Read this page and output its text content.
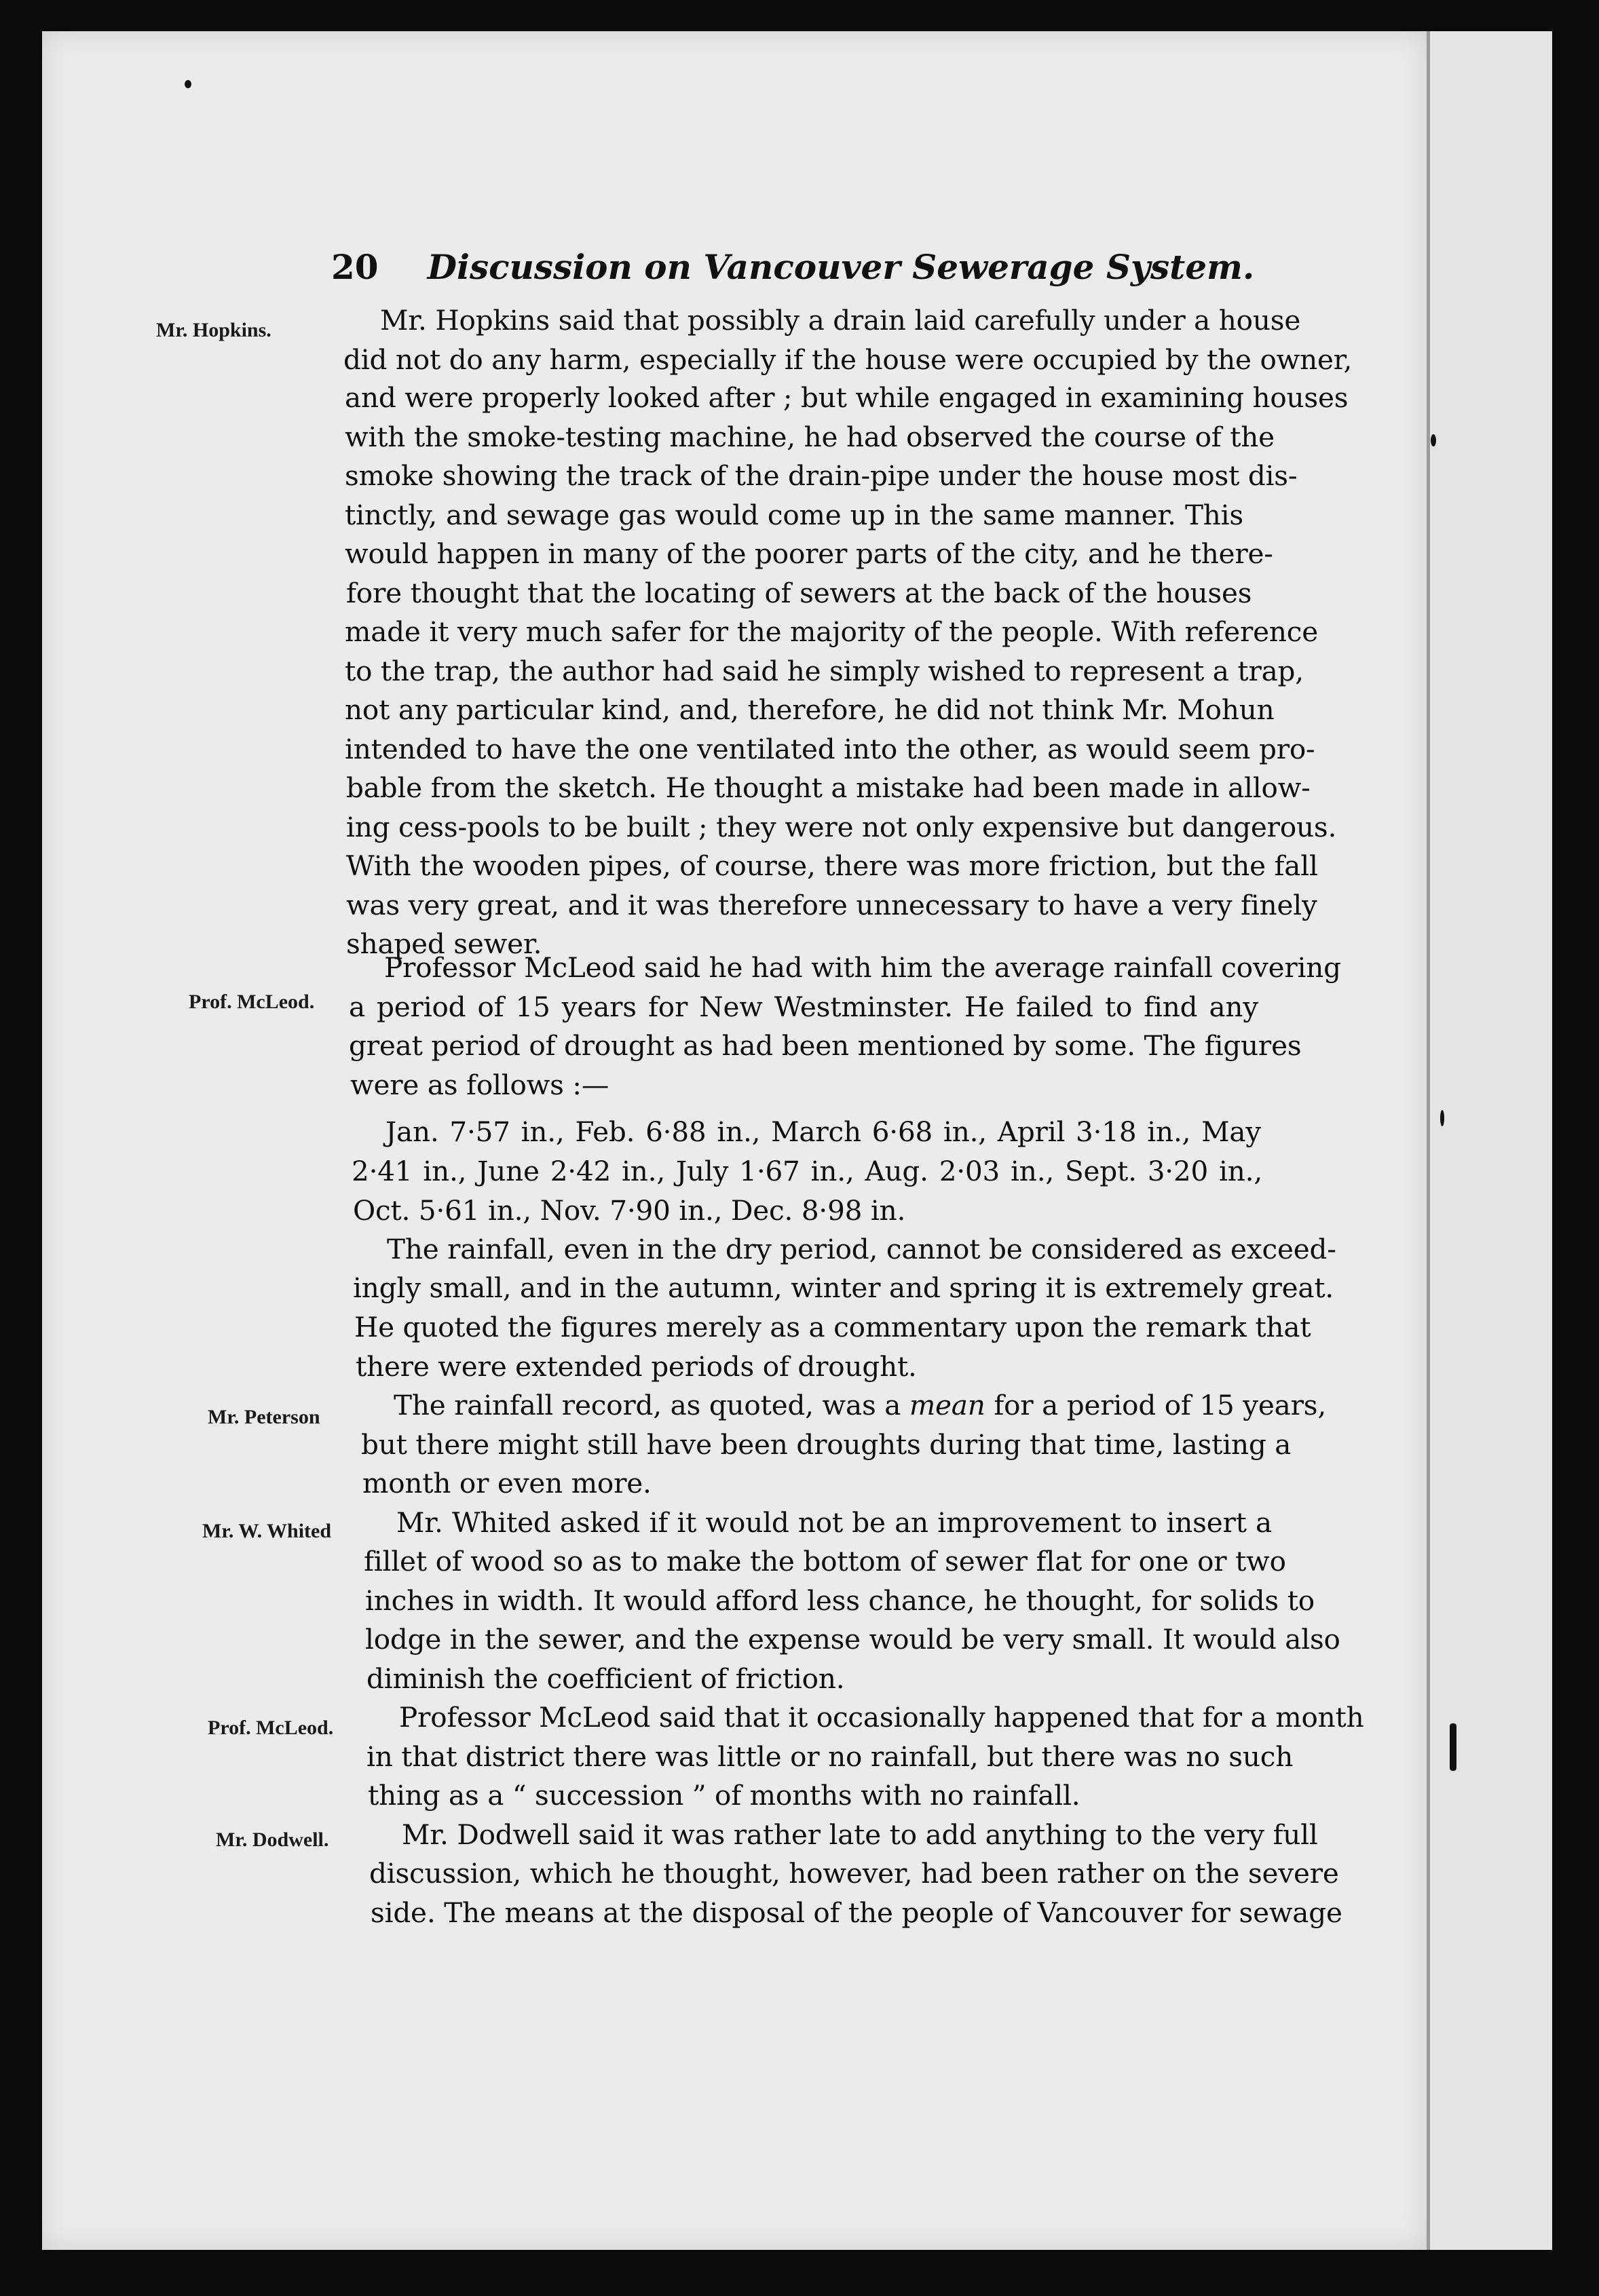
20 Discussion on Vancouver Sewerage System.
Mr. Hopkins.
Prof. McLeod.
Mr. Peterson
Mr. W. Whited
Prof. McLeod.
Mr. Dodwell.
Mr. Hopkins said that possibly a drain laid carefully under a house
did not do any harm, especially if the house were occupied by the owner,
and were properly looked after ; but while engaged in examining houses
with the smoke-testing machine, he had observed the course of the
smoke showing the track of the drain-pipe under the house most dis-
tinctly, and sewage gas would come up in the same manner. This
would happen in many of the poorer parts of the city, and he there-
fore thought that the locating of sewers at the back of the houses
made it very much safer for the majority of the people. With reference
to the trap, the author had said he simply wished to represent a trap,
not any particular kind, and, therefore, he did not think Mr. Mohun
intended to have the one ventilated into the other, as would seem pro-
bable from the sketch. He thought a mistake had been made in allow-
ing cess-pools to be built ; they were not only expensive but dangerous.
With the wooden pipes, of course, there was more friction, but the fall
was very great, and it was therefore unnecessary to have a very finely
shaped sewer.
Professor McLeod said he had with him the average rainfall covering
a period of 15 years for New Westminster. He failed to find any
great period of drought as had been mentioned by some. The figures
were as follows :—
Jan. 7·57 in., Feb. 6·88 in., March 6·68 in., April 3·18 in., May
2·41 in., June 2·42 in., July 1·67 in., Aug. 2·03 in., Sept. 3·20 in.,
Oct. 5·61 in., Nov. 7·90 in., Dec. 8·98 in.
The rainfall, even in the dry period, cannot be considered as exceed-
ingly small, and in the autumn, winter and spring it is extremely great.
He quoted the figures merely as a commentary upon the remark that
there were extended periods of drought.
The rainfall record, as quoted, was a mean for a period of 15 years,
but there might still have been droughts during that time, lasting a
month or even more.
Mr. Whited asked if it would not be an improvement to insert a
fillet of wood so as to make the bottom of sewer flat for one or two
inches in width. It would afford less chance, he thought, for solids to
lodge in the sewer, and the expense would be very small. It would also
diminish the coefficient of friction.
Professor McLeod said that it occasionally happened that for a month
in that district there was little or no rainfall, but there was no such
thing as a “ succession ” of months with no rainfall.
Mr. Dodwell said it was rather late to add anything to the very full
discussion, which he thought, however, had been rather on the severe
side. The means at the disposal of the people of Vancouver for sewage
